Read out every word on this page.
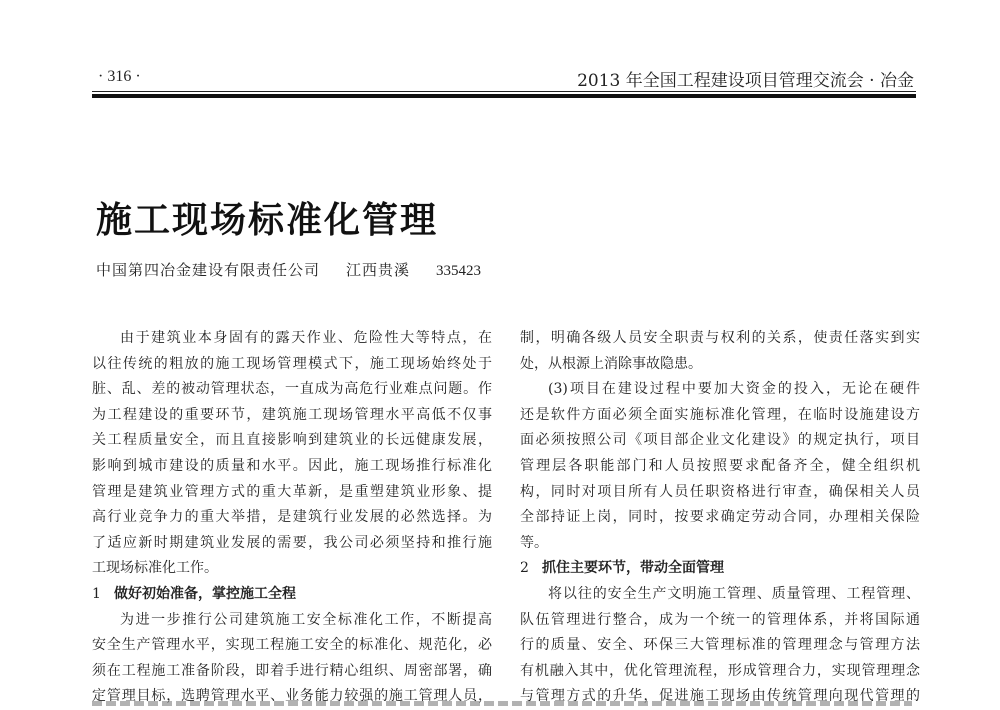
· 316 ·	2013 年全国工程建设项目管理交流会 · 冶金
施工现场标准化管理
中国第四冶金建设有限责任公司 江西贵溪 335423
由于建筑业本身固有的露天作业、危险性大等特点，在
以往传统的粗放的施工现场管理模式下，施工现场始终处于
脏、乱、差的被动管理状态，一直成为高危行业难点问题。作
为工程建设的重要环节，建筑施工现场管理水平高低不仅事
关工程质量安全，而且直接影响到建筑业的长远健康发展，
影响到城市建设的质量和水平。因此，施工现场推行标准化
管理是建筑业管理方式的重大革新，是重塑建筑业形象、提
高行业竞争力的重大举措，是建筑行业发展的必然选择。为
了适应新时期建筑业发展的需要，我公司必须坚持和推行施
工现场标准化工作。
1 做好初始准备，掌控施工全程
为进一步推行公司建筑施工安全标准化工作，不断提高
安全生产管理水平，实现工程施工安全的标准化、规范化，必
须在工程施工准备阶段，即着手进行精心组织、周密部署，确
定管理目标，选聘管理水平、业务能力较强的施工管理人员，
制，明确各级人员安全职责与权利的关系，使责任落实到实
处，从根源上消除事故隐患。
(3)项目在建设过程中要加大资金的投入，无论在硬件
还是软件方面必须全面实施标准化管理，在临时设施建设方
面必须按照公司《项目部企业文化建设》的规定执行，项目
管理层各职能部门和人员按照要求配备齐全，健全组织机
构，同时对项目所有人员任职资格进行审查，确保相关人员
全部持证上岗，同时，按要求确定劳动合同，办理相关保险
等。
2 抓住主要环节，带动全面管理
将以往的安全生产文明施工管理、质量管理、工程管理、
队伍管理进行整合，成为一个统一的管理体系，并将国际通
行的质量、安全、环保三大管理标准的管理理念与管理方法
有机融入其中，优化管理流程，形成管理合力，实现管理理念
与管理方式的升华，促进施工现场由传统管理向现代管理的
